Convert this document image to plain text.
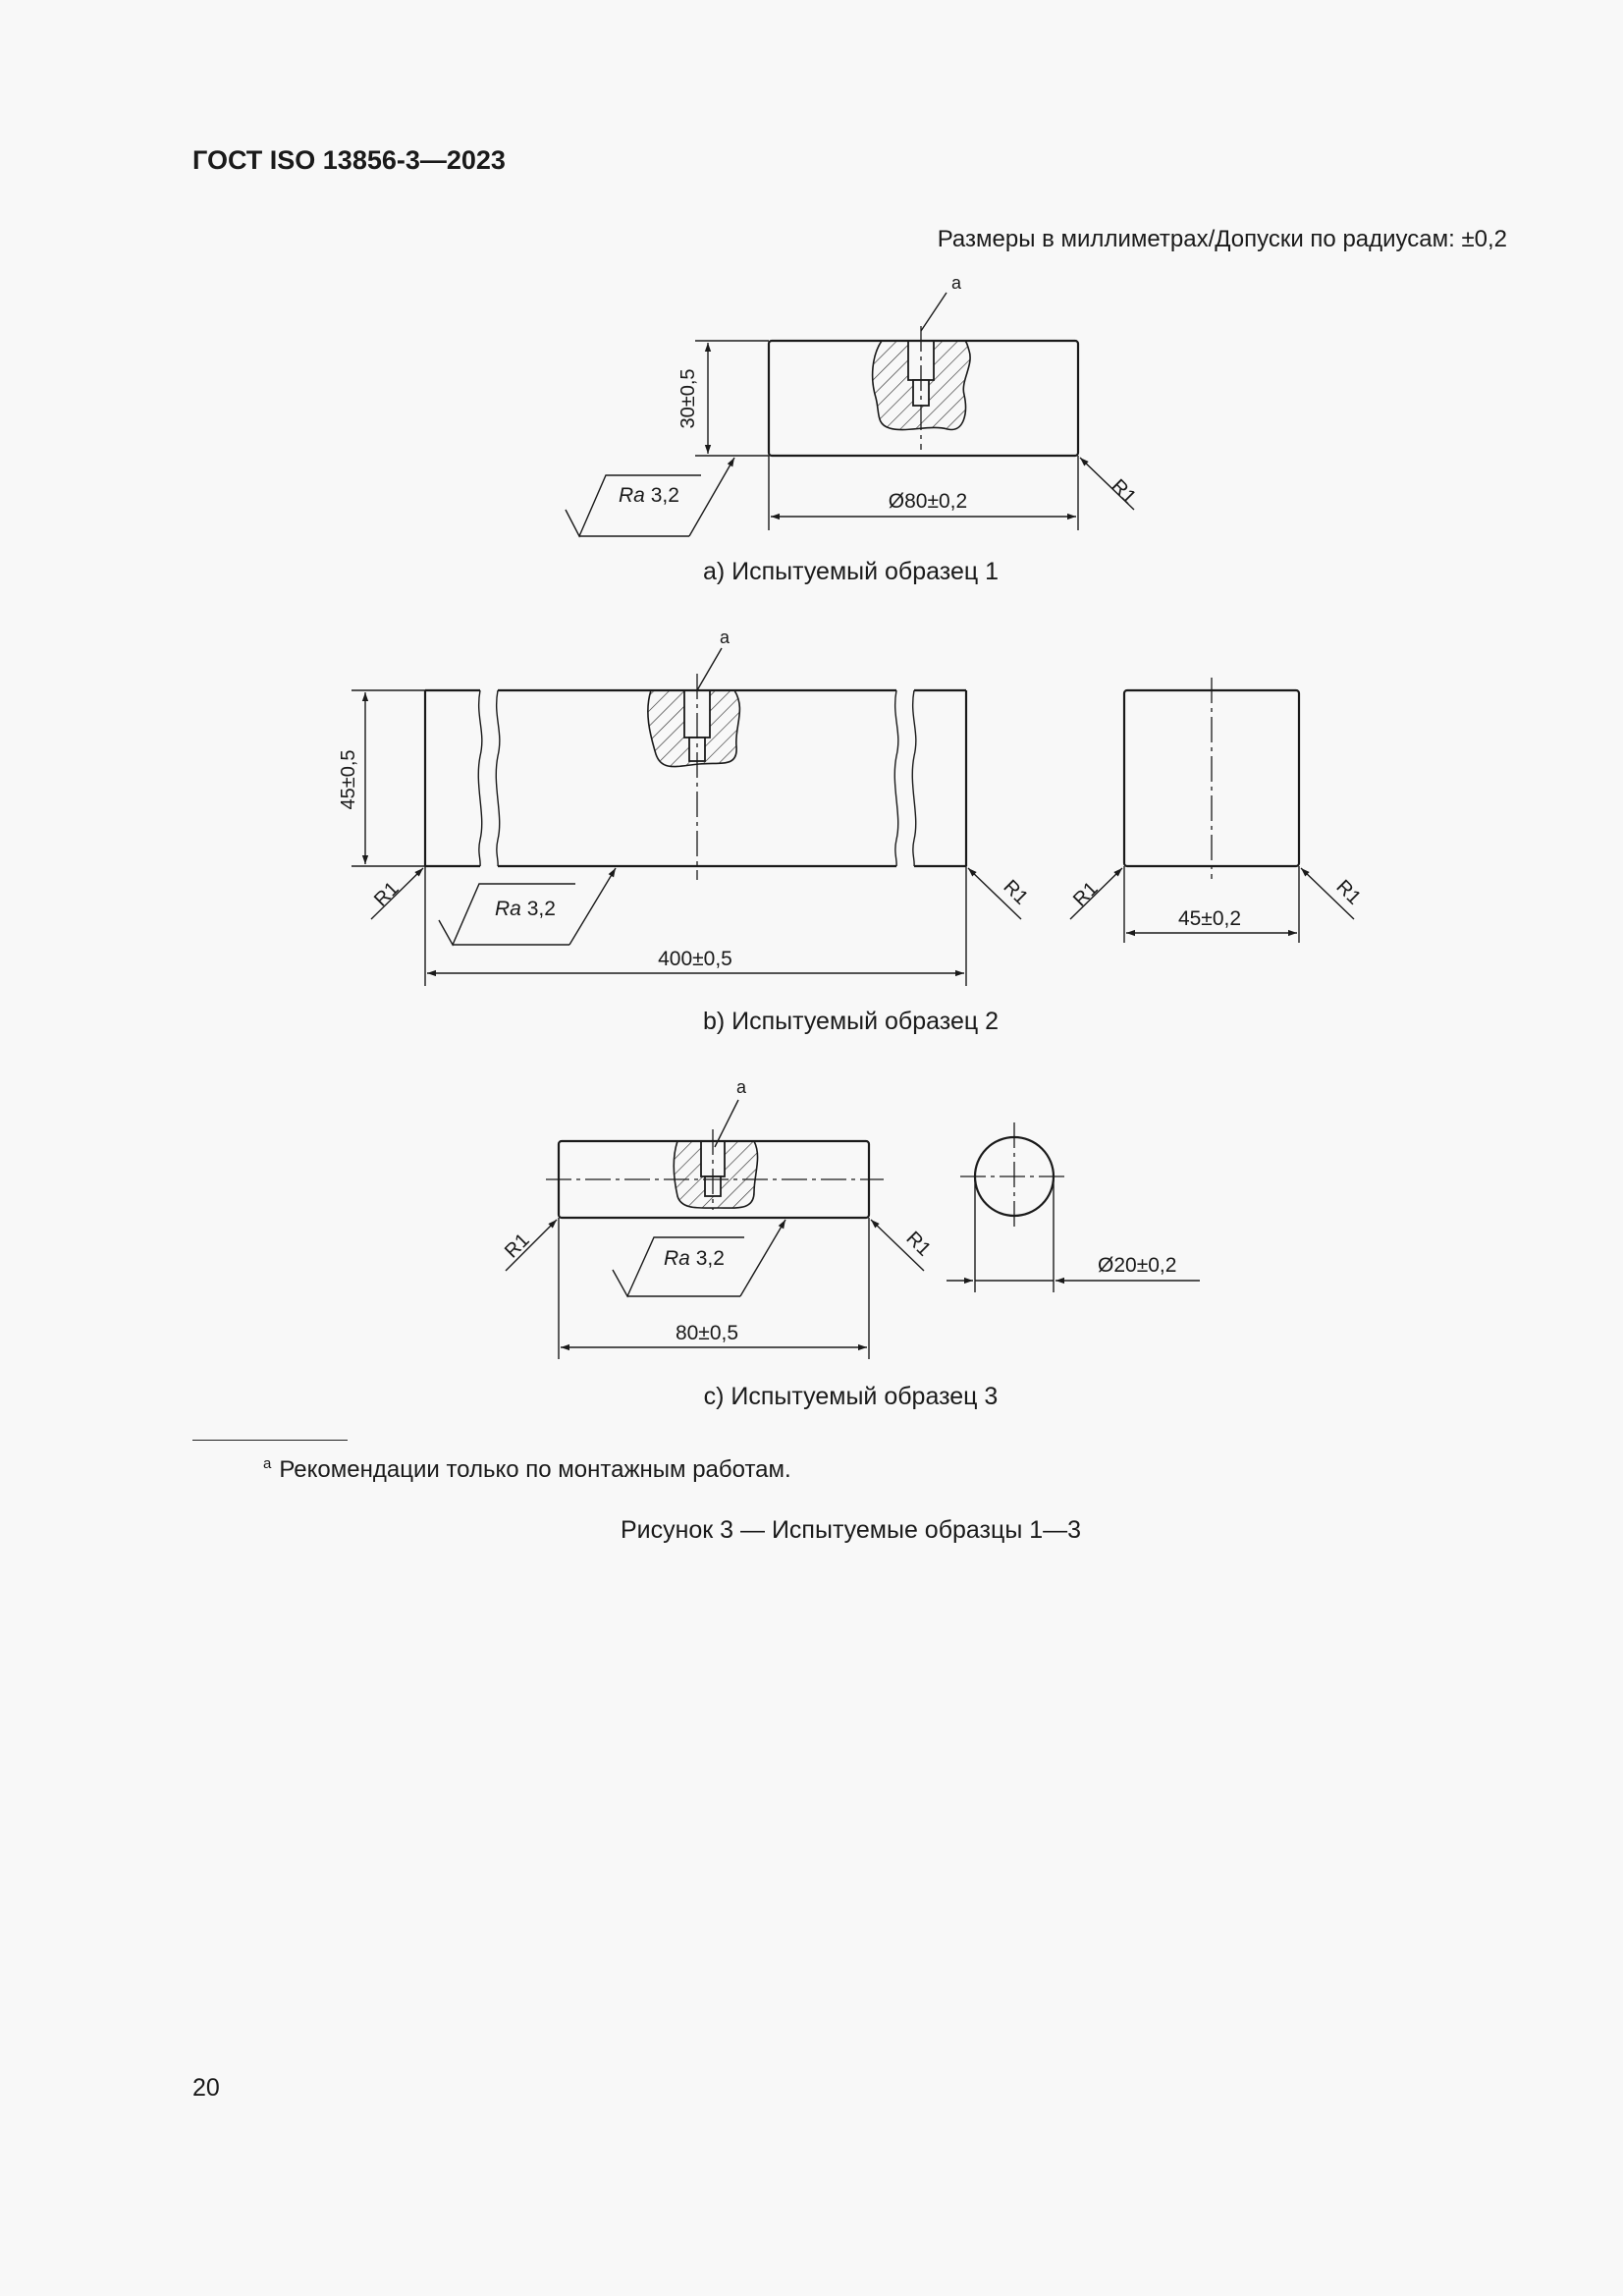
ГОСТ ISO 13856-3—2023
Размеры в миллиметрах/Допуски по радиусам: ±0,2
a
30±0,5
Ø80±0,2	R1
Ra 3,2
a
45±0,5
400±0,5
R1	R1
Ra 3,2	45±0,2
R1	R1
a
80±0,5
R1	R1
Ra 3,2	Ø20±0,2
a) Испытуемый образец 1
b) Испытуемый образец 2
c) Испытуемый образец 3
$^a$ Рекомендации только по монтажным работам.
Рисунок 3 — Испытуемые образцы 1—3
20
